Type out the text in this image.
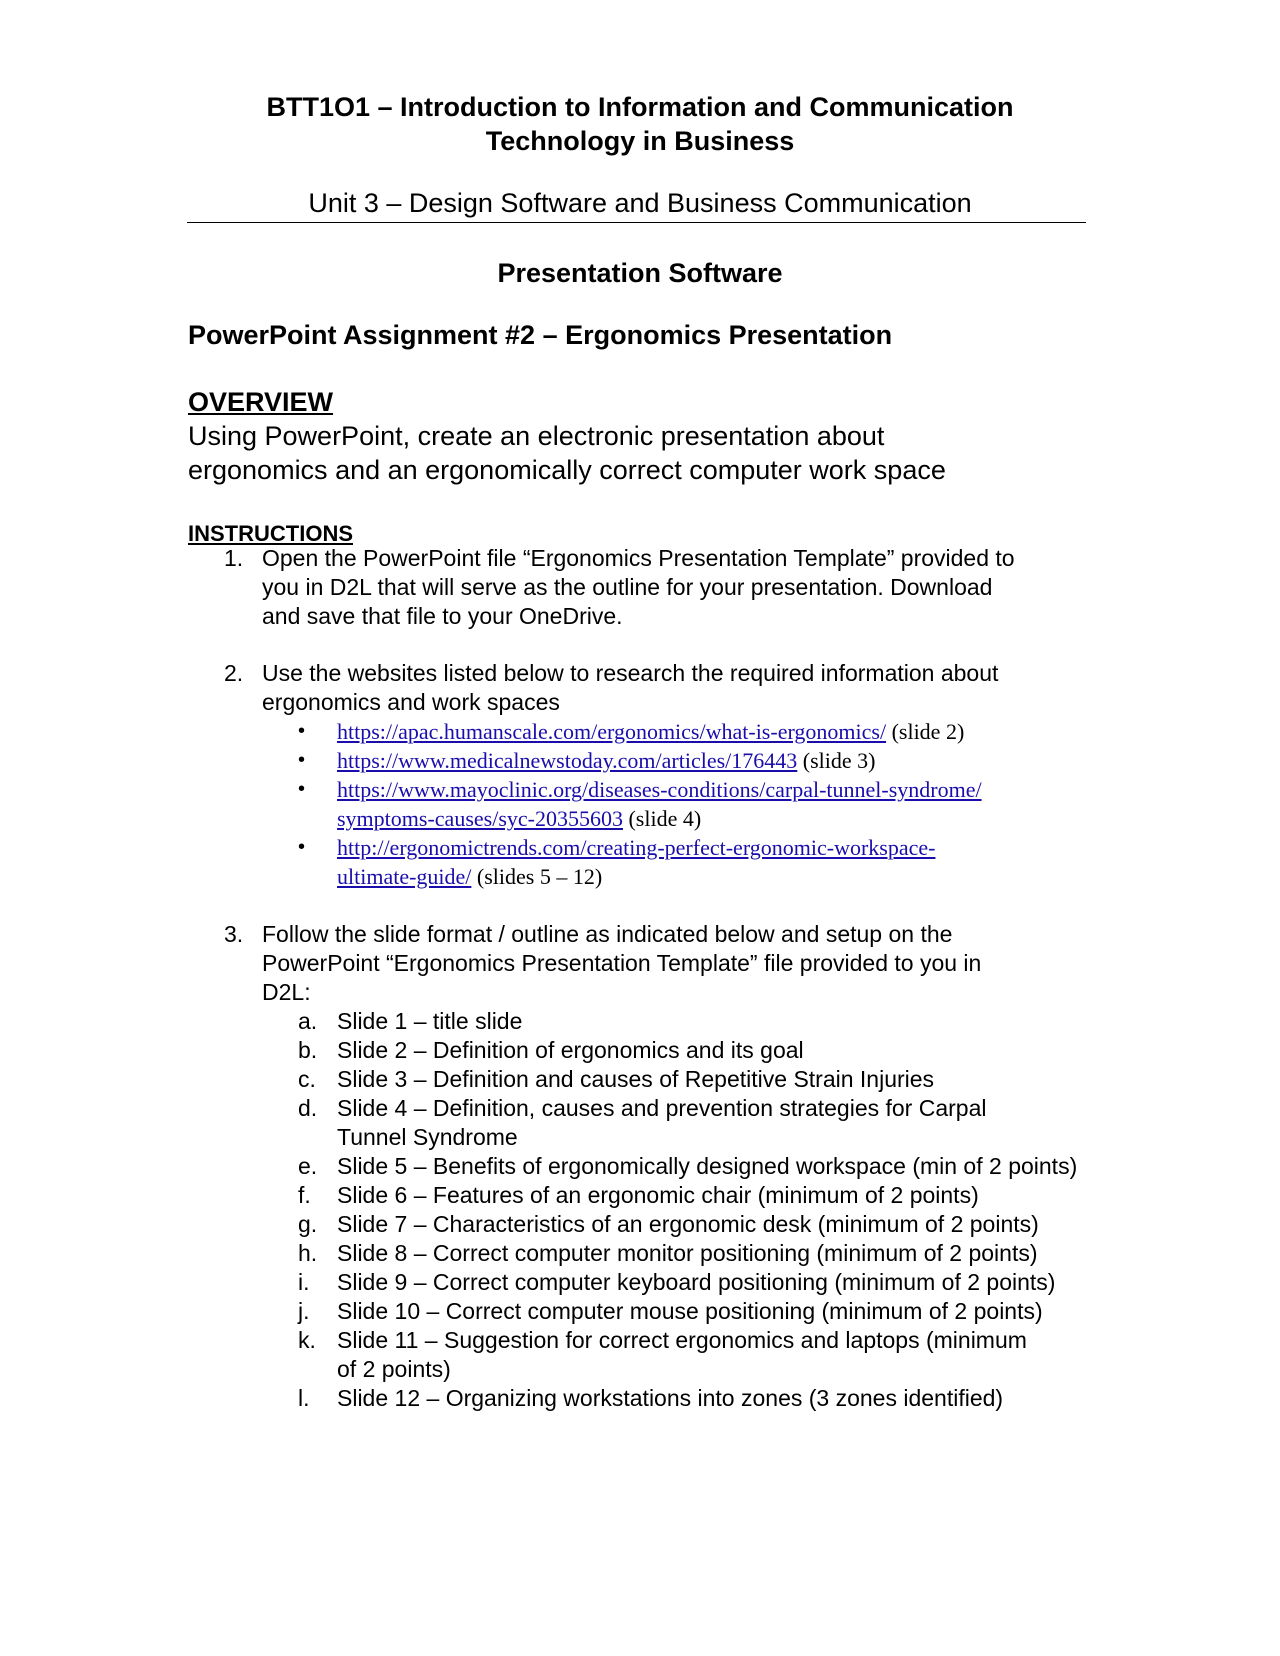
BTT1O1 – Introduction to Information and Communication
Technology in Business
Unit 3 – Design Software and Business Communication
Presentation Software
PowerPoint Assignment #2 – Ergonomics Presentation
OVERVIEW
Using PowerPoint, create an electronic presentation about
ergonomics and an ergonomically correct computer work space
INSTRUCTIONS
1. Open the PowerPoint file “Ergonomics Presentation Template” provided to
you in D2L that will serve as the outline for your presentation. Download
and save that file to your OneDrive.
2. Use the websites listed below to research the required information about
ergonomics and work spaces
• https://apac.humanscale.com/ergonomics/what-is-ergonomics/ (slide 2)
• https://www.medicalnewstoday.com/articles/176443 (slide 3)
• https://www.mayoclinic.org/diseases-conditions/carpal-tunnel-syndrome/
symptoms-causes/syc-20355603 (slide 4)
• http://ergonomictrends.com/creating-perfect-ergonomic-workspace-
ultimate-guide/ (slides 5 – 12)
3. Follow the slide format / outline as indicated below and setup on the
PowerPoint “Ergonomics Presentation Template” file provided to you in
D2L:
a. Slide 1 – title slide
b. Slide 2 – Definition of ergonomics and its goal
c. Slide 3 – Definition and causes of Repetitive Strain Injuries
d. Slide 4 – Definition, causes and prevention strategies for Carpal
Tunnel Syndrome
e. Slide 5 – Benefits of ergonomically designed workspace (min of 2 points)
f. Slide 6 – Features of an ergonomic chair (minimum of 2 points)
g. Slide 7 – Characteristics of an ergonomic desk (minimum of 2 points)
h. Slide 8 – Correct computer monitor positioning (minimum of 2 points)
i. Slide 9 – Correct computer keyboard positioning (minimum of 2 points)
j. Slide 10 – Correct computer mouse positioning (minimum of 2 points)
k. Slide 11 – Suggestion for correct ergonomics and laptops (minimum
of 2 points)
l. Slide 12 – Organizing workstations into zones (3 zones identified)
